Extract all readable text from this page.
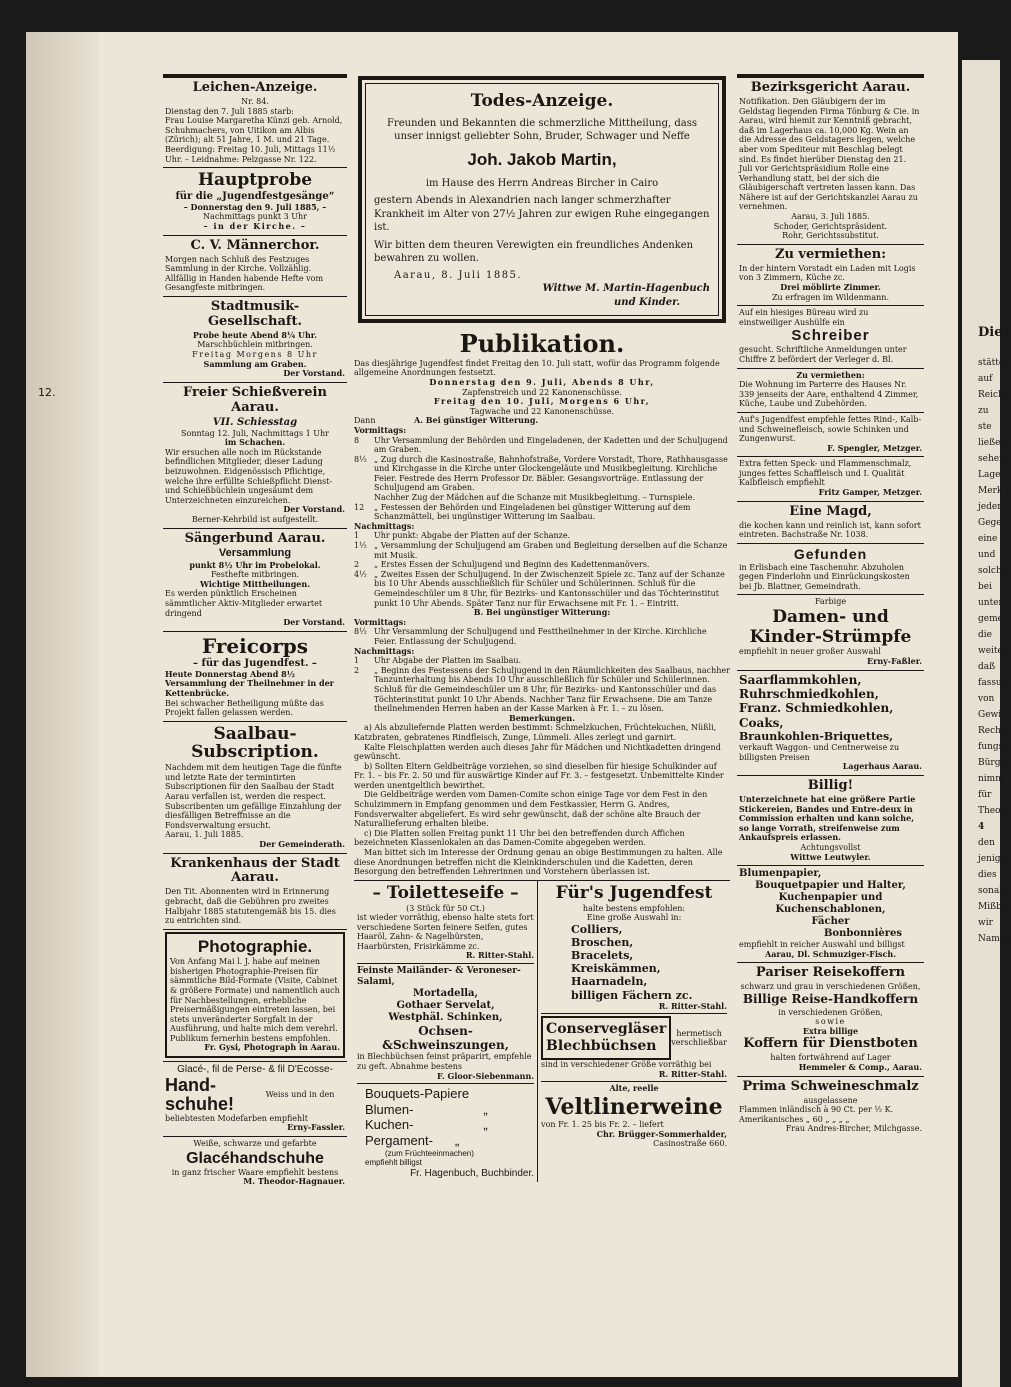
Die
stätte
auf
Reich
zu ste
ließen
sehen
Lage
Merk
jeder
Gege
eine
und
solche
bei
unter
geme
die
weiter
daß
fassun
von
Gewi
Recht
fungs
Bürge
nimm
für
Theor
4
den
jenige
dies
sonalt
Mißbr
wir
Namen
12.
Leichen-Anzeige.
Nr. 84.
Dienstag den 7. Juli 1885 starb:
Frau Louise Margaretha Künzi geb. Arnold, Schuhmachers, von Uitikon am Albis (Zürich); alt 51 Jahre, 1 M. und 21 Tage.
Beerdigung: Freitag 10. Juli, Mittags 11½ Uhr. – Leidnahme: Pelzgasse Nr. 122.
Hauptprobe
für die „Jugendfestgesänge“
– Donnerstag den 9. Juli 1885, –
Nachmittags punkt 3 Uhr
– in der Kirche. –
C. V. Männerchor.
Morgen nach Schluß des Festzuges Sammlung in der Kirche. Vollzählig. Allfällig in Handen habende Hefte vom Gesangfeste mitbringen.
Stadtmusik-Gesellschaft.
Probe heute Abend 8¼ Uhr.
Marschbüchlein mitbringen.
Freitag Morgens 8 Uhr
Sammlung am Graben.
Der Vorstand.
Freier Schießverein Aarau.
VII. Schiesstag
Sonntag 12. Juli, Nachmittags 1 Uhr
im Schachen.
Wir ersuchen alle noch im Rückstande befindlichen Mitglieder, dieser Ladung beizuwohnen. Eidgenössisch Pflichtige, welche ihre erfüllte Schießpflicht Dienst- und Schießbüchlein ungesäumt dem Unterzeichneten einzureichen.
Der Vorstand.
Berner-Kehrbild ist aufgestellt.
Sängerbund Aarau.
Versammlung
punkt 8½ Uhr im Probelokal.
Festhefte mitbringen.
Wichtige Mittheilungen.
Es werden pünktlich Erscheinen sämmtlicher Aktiv-Mitglieder erwartet dringend
Der Vorstand.
Freicorps
– für das Jugendfest. –
Heute Donnerstag Abend 8½ Versammlung der Theilnehmer in der Kettenbrücke.
Bei schwacher Betheiligung müßte das Projekt fallen gelassen werden.
Saalbau-Subscription.
Nachdem mit dem heutigen Tage die fünfte und letzte Rate der termintirten Subscriptionen für den Saalbau der Stadt Aarau verfallen ist, werden die respect. Subscribenten um gefällige Einzahlung der diesfälligen Betreffnisse an die Fondsverwaltung ersucht.
Aarau, 1. Juli 1885.
Der Gemeinderath.
Krankenhaus der Stadt Aarau.
Den Tit. Abonnenten wird in Erinnerung gebracht, daß die Gebühren pro zweites Halbjahr 1885 statutengemäß bis 15. dies zu entrichten sind.
Photographie.
Von Anfang Mai l. J. habe auf meinen bisherigen Photographie-Preisen für sämmtliche Bild-Formate (Visite, Cabinet & größere Formate) und namentlich auch für Nachbestellungen, erhebliche Preisermäßigungen eintreten lassen, bei stets unveränderter Sorgfalt in der Ausführung, und halte mich dem verehrl. Publikum fernerhin bestens empfohlen.
Fr. Gysi, Photograph in Aarau.
Glacé-, fil de Perse- & fil D'Ecosse-
Hand- schuhe!	Weiss und in den
beliebtesten Modefarben empfiehlt
Erny-Fassler.
Weiße, schwarze und gefarbte
Glacéhandschuhe
in ganz frischer Waare empfiehlt bestens
M. Theodor-Hagnauer.
Todes-Anzeige.
Freunden und Bekannten die schmerzliche Mittheilung, dass unser innigst geliebter Sohn, Bruder, Schwager und Neffe
Joh. Jakob Martin,
im Hause des Herrn Andreas Bircher in Cairo
gestern Abends in Alexandrien nach langer schmerzhafter Krankheit im Alter von 27½ Jahren zur ewigen Ruhe eingegangen ist.
Wir bitten dem theuren Verewigten ein freundliches Andenken bewahren zu wollen.
Aarau, 8. Juli 1885.
Wittwe M. Martin-Hagenbuch
und Kinder.
Publikation.
Das diesjährige Jugendfest findet Freitag den 10. Juli statt, wofür das Programm folgende allgemeine Anordnungen festsetzt.
Donnerstag den 9. Juli, Abends 8 Uhr,
Zapfenstreich und 22 Kanonenschüsse.
Freitag den 10. Juli, Morgens 6 Uhr,
Tagwache und 22 Kanonenschüsse.
Dann	A. Bei günstiger Witterung.
Vormittags:
8	Uhr Versammlung der Behörden und Eingeladenen, der Kadetten und der Schuljugend am Graben.
8½ „ Zug durch die Kasinostraße, Bahnhofstraße, Vordere Vorstadt, Thore, Rathhausgasse und Kirchgasse in die Kirche unter Glockengeläute und Musikbegleitung. Kirchliche Feier. Festrede des Herrn Professor Dr. Bäbler. Gesangsvorträge. Entlassung der Schuljugend am Graben.
Nachher Zug der Mädchen auf die Schanze mit Musikbegleitung. – Turnspiele.
12	„ Festessen der Behörden und Eingeladenen bei günstiger Witterung auf dem Schanzmätteli, bei ungünstiger Witterung im Saalbau.
Nachmittags:
1	Uhr punkt: Abgabe der Platten auf der Schanze.
1½ „ Versammlung der Schuljugend am Graben und Begleitung derselben auf die Schanze mit Musik.
2	„ Erstes Essen der Schuljugend und Beginn des Kadettenmanövers.
4½ „ Zweites Essen der Schuljugend. In der Zwischenzeit Spiele zc. Tanz auf der Schanze bis 10 Uhr Abends ausschließlich für Schüler und Schülerinnen. Schluß für die Gemeindeschüler um 8 Uhr, für Bezirks- und Kantonsschüler und das Töchterinstitut punkt 10 Uhr Abends. Später Tanz nur für Erwachsene mit Fr. 1. – Eintritt.
B. Bei ungünstiger Witterung:
Vormittags:
8½ Uhr Versammlung der Schuljugend und Festtheilnehmer in der Kirche. Kirchliche Feier. Entlassung der Schuljugend.
Nachmittags:
1	Uhr Abgabe der Platten im Saalbau.
2	„ Beginn des Festessens der Schuljugend in den Räumlichkeiten des Saalbaus, nachher Tanzunterhaltung bis Abends 10 Uhr ausschließlich für Schüler und Schülerinnen. Schluß für die Gemeindeschüler um 8 Uhr, für Bezirks- und Kantonsschüler und das Töchterinstitut punkt 10 Uhr Abends. Nachher Tanz für Erwachsene. Die am Tanze theilnehmenden Herren haben an der Kasse Marken à Fr. 1. – zu lösen.
Bemerkungen.
a) Als abzuliefernde Platten werden bestimmt: Schmelzkuchen, Früchtekuchen, Nüßli, Katzbraten, gebratenes Rindfleisch, Zunge, Lümmeli. Alles zerlegt und garnirt.
Kalte Fleischplatten werden auch dieses Jahr für Mädchen und Nichtkadetten dringend gewünscht.
b) Sollten Eltern Geldbeiträge vorziehen, so sind dieselben für hiesige Schulkinder auf Fr. 1. – bis Fr. 2. 50 und für auswärtige Kinder auf Fr. 3. – festgesetzt. Unbemittelte Kinder werden unentgeltlich bewirthet.
Die Geldbeiträge werden vom Damen-Comite schon einige Tage vor dem Fest in den Schulzimmern in Empfang genommen und dem Festkassier, Herrn G. Andres, Fondsverwalter abgeliefert. Es wird sehr gewünscht, daß der schöne alte Brauch der Naturallieferung erhalten bleibe.
c) Die Platten sollen Freitag punkt 11 Uhr bei den betreffenden durch Affichen bezeichneten Klassenlokalen an das Damen-Comite abgegeben werden.
Man bittet sich im Interesse der Ordnung genau an obige Bestimmungen zu halten. Alle diese Anordnungen betreffen nicht die Kleinkinderschulen und die Kadetten, deren Besorgung den betreffenden Lehrerinnen und Vorstehern überlassen ist.
– Toiletteseife –
(3 Stück für 50 Ct.)
ist wieder vorräthig, ebenso halte stets fort verschiedene Sorten feinere Seifen, gutes Haaröl, Zahn- & Nagelbürsten, Haarbürsten, Frisirkämme zc.
R. Ritter-Stahl.
Feinste Mailänder- & Veroneser-Salami,
Mortadella,
Gothaer Servelat,
Westphäl. Schinken,
Ochsen-&Schweinszungen,
in Blechbüchsen feinst präparirt, empfehle zu geft. Abnahme bestens
F. Gloor-Siebenmann.
Bouquets-Papiere
Blumen-	„
Kuchen-	„
Pergament- „
(zum Früchteeinmachen)
empfiehlt billigst
Fr. Hagenbuch, Buchbinder.
Für's Jugendfest
halte bestens empfohlen:
Eine große Auswahl in:
Colliers,
Broschen,
Bracelets,
Kreiskämmen,
Haarnadeln,
billigen Fächern zc.
R. Ritter-Stahl.
Conservegläser
Blechbüchsen
hermetisch
verschließbar
sind in verschiedener Größe vorräthig bei
R. Ritter-Stahl.
Alte, reelle
Veltlinerweine
von Fr. 1. 25 bis Fr. 2. – liefert
Chr. Brügger-Sommerhalder,
Casinostraße 660.
Bezirksgericht Aarau.
Notifikation. Den Gläubigern der im Geldstag liegenden Firma Tönburg & Cie. in Aarau, wird hiemit zur Kenntniß gebracht, daß im Lagerhaus ca. 10,000 Kg. Wein an die Adresse des Geldstagers liegen, welche aber vom Spediteur mit Beschlag belegt sind. Es findet hierüber Dienstag den 21. Juli vor Gerichtspräsidium Rolle eine Verhandlung statt, bei der sich die Gläubigerschaft vertreten lassen kann. Das Nähere ist auf der Gerichtskanzlei Aarau zu vernehmen.
Aarau, 3. Juli 1885.
Schoder, Gerichtspräsident.
Rohr, Gerichtssubstitut.
Zu vermiethen:
In der hintern Vorstadt ein Laden mit Logis von 3 Zimmern, Küche zc.
Drei möblirte Zimmer.
Zu erfragen im Wildenmann.
Auf ein hiesiges Büreau wird zu einstweiliger Aushülfe ein
Schreiber
gesucht. Schriftliche Anmeldungen unter Chiffre Z befördert der Verleger d. Bl.
Zu vermiethen:
Die Wohnung im Parterre des Hauses Nr. 339 jenseits der Aare, enthaltend 4 Zimmer, Küche, Laube und Zubehörden.
Auf's Jugendfest empfehle fettes Rind-, Kalb- und Schweinefleisch, sowie Schinken und Zungenwurst.
F. Spengler, Metzger.
Extra fetten Speck- und Flammenschmalz, junges fettes Schaffleisch und I. Qualität Kalbfleisch empfiehlt
Fritz Gamper, Metzger.
Eine Magd,
die kochen kann und reinlich ist, kann sofort eintreten. Bachstraße Nr. 1038.
Gefunden
in Erlisbach eine Taschenuhr. Abzuholen gegen Finderlohn und Einrückungskosten bei Jb. Blattner, Gemeindrath.
Farbige
Damen- und
Kinder-Strümpfe
empfiehlt in neuer großer Auswahl
Erny-Faßler.
Saarflammkohlen,
Ruhrschmiedkohlen,
Franz. Schmiedkohlen,
Coaks,
Braunkohlen-Briquettes,
verkauft Waggon- und Centnerweise zu billigsten Preisen
Lagerhaus Aarau.
Billig!
Unterzeichnete hat eine größere Partie Stickereien, Bandes und Entre-deux in Commission erhalten und kann solche, so lange Vorrath, streifenweise zum Ankaufspreis erlassen.
Achtungsvollst
Wittwe Leutwyler.
Blumenpapier,
Bouquetpapier und Halter,
Kuchenpapier und
Kuchenschablonen,
Fächer
Bonbonnières
empfiehlt in reicher Auswahl und billigst
Aarau, Dl. Schmuziger-Fisch.
Pariser Reisekoffern
schwarz und grau in verschiedenen Größen,
Billige Reise-Handkoffern
in verschiedenen Größen,
sowie
Extra billige
Koffern für Dienstboten
halten fortwährend auf Lager
Hemmeler & Comp., Aarau.
Prima Schweineschmalz
ausgelassene
Flammen inländisch à 90 Ct. per ½ K.
Amerikanisches „ 60 „ „ „ „
Frau Andres-Bircher, Milchgasse.
